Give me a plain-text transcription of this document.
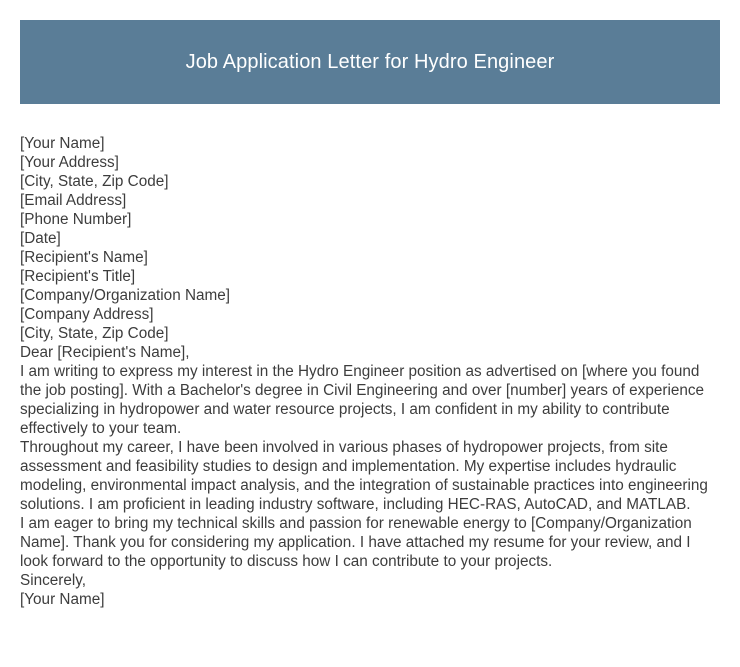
Job Application Letter for Hydro Engineer
[Your Name]
[Your Address]
[City, State, Zip Code]
[Email Address]
[Phone Number]
[Date]
[Recipient's Name]
[Recipient's Title]
[Company/Organization Name]
[Company Address]
[City, State, Zip Code]
Dear [Recipient's Name],

I am writing to express my interest in the Hydro Engineer position as advertised on [where you found the job posting]. With a Bachelor's degree in Civil Engineering and over [number] years of experience specializing in hydropower and water resource projects, I am confident in my ability to contribute effectively to your team.

Throughout my career, I have been involved in various phases of hydropower projects, from site assessment and feasibility studies to design and implementation. My expertise includes hydraulic modeling, environmental impact analysis, and the integration of sustainable practices into engineering solutions. I am proficient in leading industry software, including HEC-RAS, AutoCAD, and MATLAB.

I am eager to bring my technical skills and passion for renewable energy to [Company/Organization Name]. Thank you for considering my application. I have attached my resume for your review, and I look forward to the opportunity to discuss how I can contribute to your projects.

Sincerely,
[Your Name]
